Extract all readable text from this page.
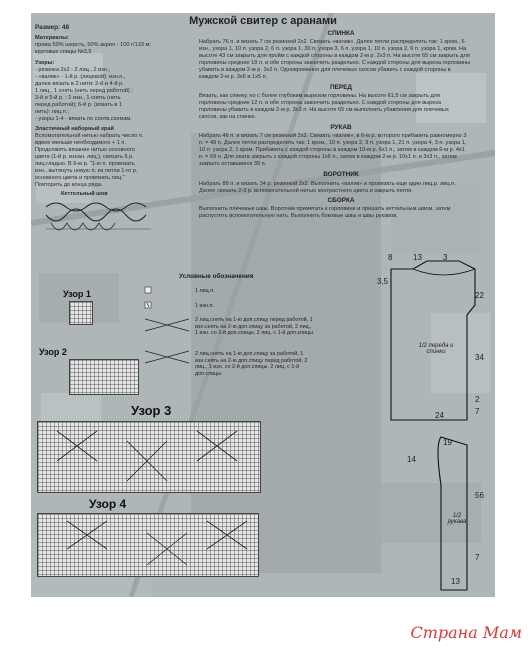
Мужской свитер с аранами
Размер: 48
Материалы:
пряжа 50% шерсть, 50% акрил - 100 г/133 м;
круговые спицы №3,5
Узоры:
- резинка 2х2 - 2 лиц., 2 изн.;
- «валик» - 1-й р. (лицевой): изн.п.,
далее вязать в 2 нити: 2-й и 4-й р.
1 лиц., 1 снять (нить перед работой) ;
3-й и 5-й р. : 1 изн., 1 снять (нить
перед работой); 6-й р. (вязать в 1
нить): лиц.п.;
- узоры 1-4 - вязать по соотв.схемам.
Эластичный наборный край
Вспомогательной нитью набрать число п.
вдвое меньше необходимого + 1 п.
Продолжить вязание нитью основного
цвета (1-й р. изнан. лиц.), связать 5 р.
лиц.гладью. В 6-м р. "1-ю п. провязать
изн., вытянуть новую п. из петли 1-го р.
основного цвета и провязать лиц."
Повторить до конца ряда.
Кеттельный шов
СПИНКА
Набрать 76 п. и вязать 7 см резинкой 2х2. Связать «валик». Далее петли распределить так: 1 кром., 6
изн., узора 1, 10 п. узора 2, 6 п. узора 1, 30 п. узора 3, 6 п. узора 1, 10 п. узора 2, 6 п. узора 1, кром. На
высоте 43 см закрыть для пройм с каждой стороны в каждом 2-м р. 2х3 п. На высоте 65 см закрыть для
горловины средние 18 п. и обе стороны закончить раздельно. С каждой стороны для вырезa горловины
убавить в каждом 2-м р. 3х2 п. Одновременно для плечевых скосов убавить с каждой стороны в
каждом 2-м р. 3х6 и 1х5 п.
ПЕРЕД
Вязать, как спинку, но с более глубоким вырезом горловины. На высоте 61,5 см закрыть для
горловины средние 12 п. и обе стороны закончить раздельно. С каждой стороны для выреза
горловины убавить в каждом 2-м р. 3х3 п. На высоте 65 см выполнить убавления для плечевых
скосов, как на спинке.
РУКАВ
Набрать 46 п. и вязать 7 см резинкой 2х2. Связать «валик», в 6-м р. которого прибавить равномерно 3
п. = 49 п. Далее петли распределить так: 1 кром., 10 п. узора 2, 3 п. узора 1, 21 п. узора 4, 3 п. узора 1,
10 п. узора 2, 1 кром. Прибавить с каждой стороны в каждом 10-м р. 6х1 п., затем в каждом 6-м р. 4х1
п. = 69 п. Для оката закрыть с каждой стороны 1х6 п., затем в каждом 2-м р. 10х1 п. и 3х3 п., затем
закрыть оставшиеся 39 п.
ВОРОТНИК
Набрать 88 п. и вязать 34 р. резинкой 2х2. Выполнить «валик» и провязать еще один лиц.р. лиц.п.
Далее связать 2-3 р. вспомогательной нитью контрастного цвета и закрыть петли.
СБОРКА
Выполнить плечевые швы. Воротник приметать к горловине и пришить кеттельным швом, затем
распустить вспомогательную нить. Выполнить боковые швы и швы рукавов.
Условные обозначения
1 лиц.п.
1 изн.п.
2 лиц.снять на 1-ю доп.спицу перед работой, 1 изн.снять на 2-ю доп.спицу за работой, 2 лиц., 1 изн. со 2-й доп.спицы, 2 лиц. с 1-й доп.спицы
2 лиц.снять на 1-ю доп.спицу за работой, 1 изн.снять на 2-ю доп.спицу перед работой, 2 лиц., 1 изн. со 2-й доп.спицы, 2 лиц. с 1-й доп.спицы
Узор 1
Узор 2
Узор 3
Узор 4
8	13	3
3,5
22
34
2
7
24
19
14
56
7
13
1/2 переда и спинки
1/2 рукава
Страна Мам
